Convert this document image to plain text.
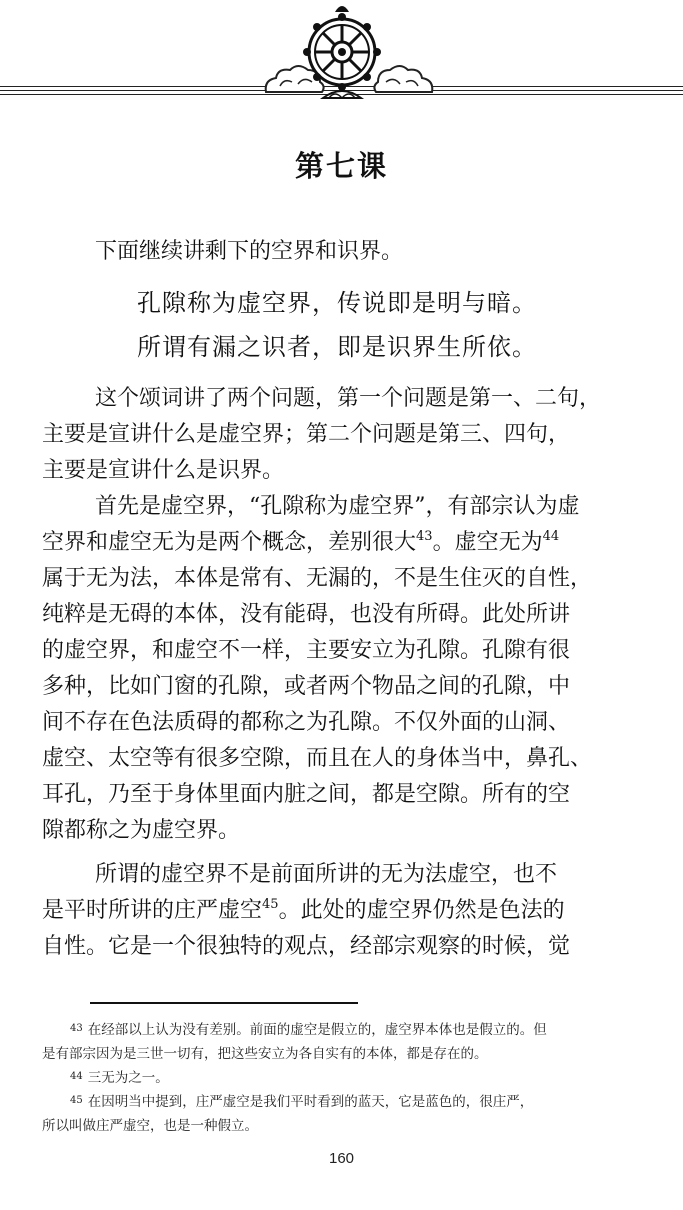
第七课
下面继续讲剩下的空界和识界。
孔隙称为虚空界，传说即是明与暗。
所谓有漏之识者，即是识界生所依。
这个颂词讲了两个问题，第一个问题是第一、二句，
主要是宣讲什么是虚空界；第二个问题是第三、四句，
主要是宣讲什么是识界。
首先是虚空界，“孔隙称为虚空界”，有部宗认为虚
空界和虚空无为是两个概念，差别很大$^{43}$。虚空无为$^{44}$
属于无为法，本体是常有、无漏的，不是生住灭的自性，
纯粹是无碍的本体，没有能碍，也没有所碍。此处所讲
的虚空界，和虚空不一样，主要安立为孔隙。孔隙有很
多种，比如门窗的孔隙，或者两个物品之间的孔隙，中
间不存在色法质碍的都称之为孔隙。不仅外面的山洞、
虚空、太空等有很多空隙，而且在人的身体当中，鼻孔、
耳孔，乃至于身体里面内脏之间，都是空隙。所有的空
隙都称之为虚空界。
所谓的虚空界不是前面所讲的无为法虚空，也不
是平时所讲的庄严虚空$^{45}$。此处的虚空界仍然是色法的
自性。它是一个很独特的观点，经部宗观察的时候，觉
$^{43}$ 在经部以上认为没有差别。前面的虚空是假立的，虚空界本体也是假立的。但
是有部宗因为是三世一切有，把这些安立为各自实有的本体，都是存在的。
$^{44}$ 三无为之一。
$^{45}$ 在因明当中提到，庄严虚空是我们平时看到的蓝天，它是蓝色的，很庄严，
所以叫做庄严虚空，也是一种假立。
160
